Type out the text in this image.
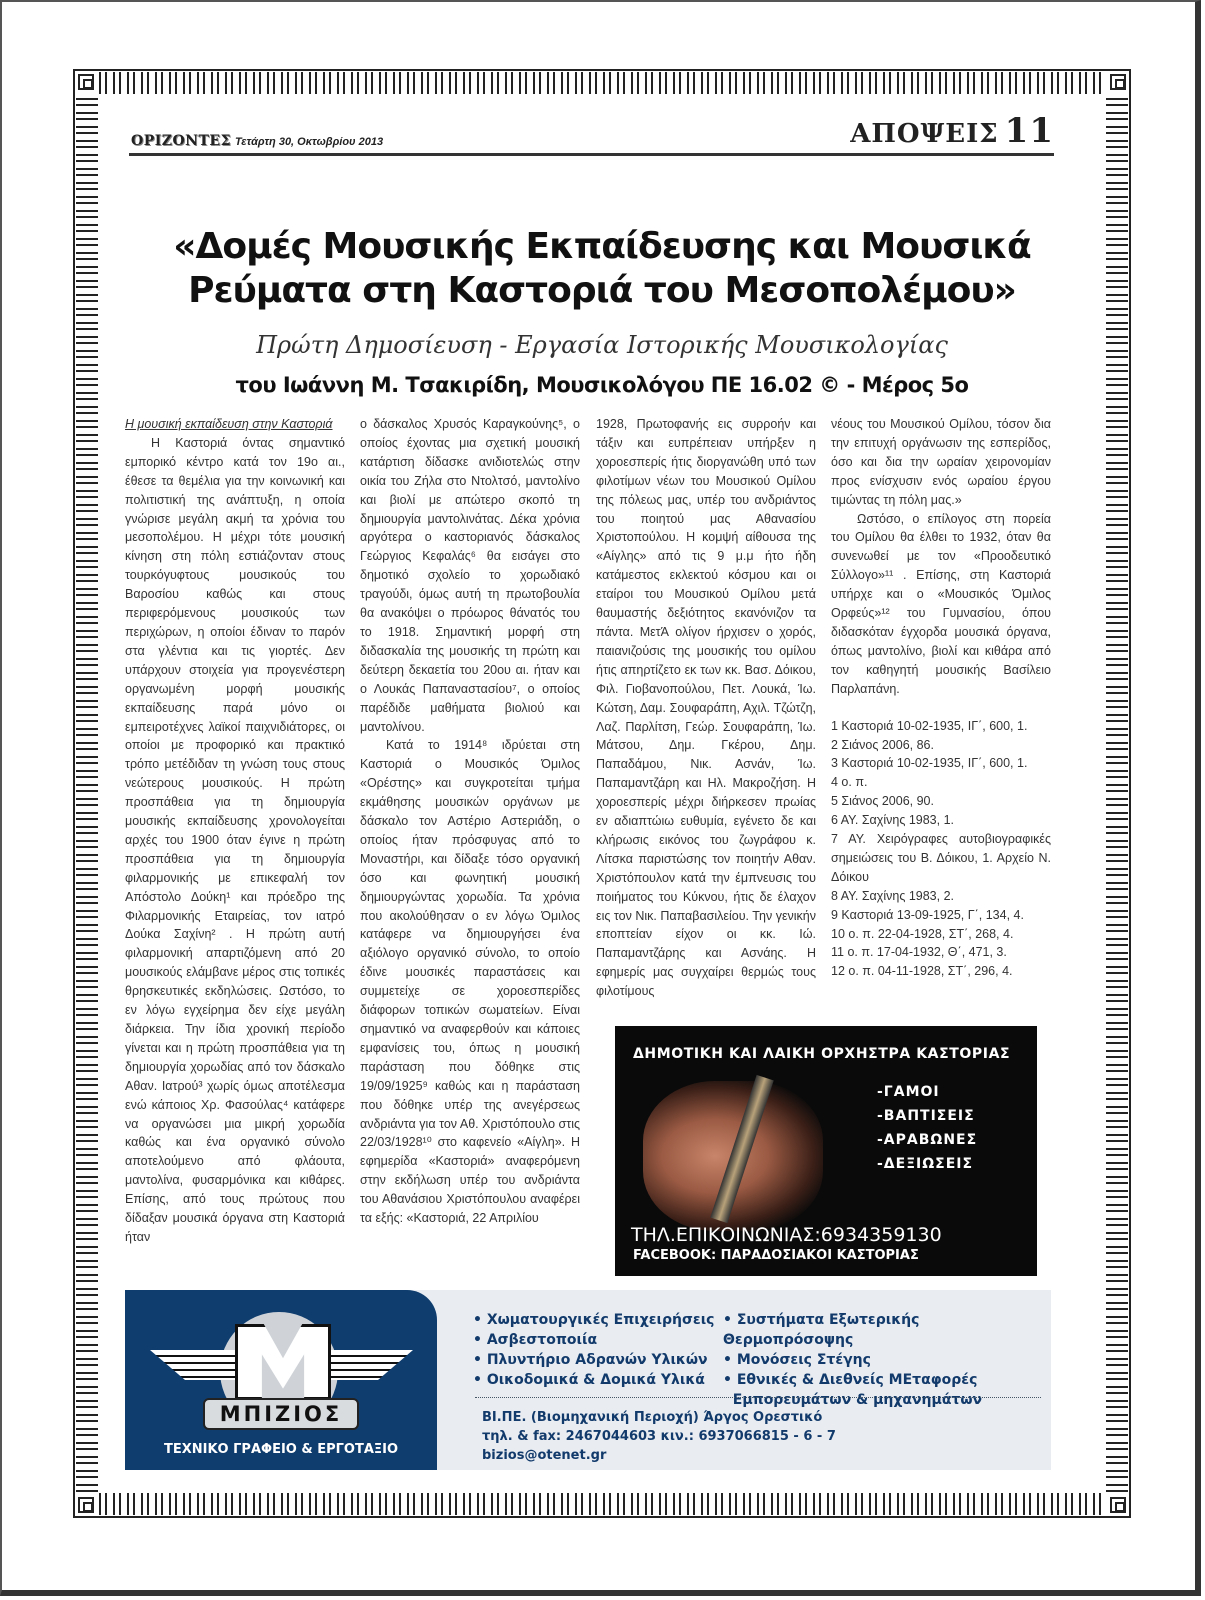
ΟΡΙΖΟΝΤΕΣ Τετάρτη 30, Οκτωβρίου 2013	ΑΠΟΨΕΙΣ 11
«Δομές Μουσικής Εκπαίδευσης και Μουσικά
Ρεύματα στη Καστοριά του Μεσοπολέμου»
Πρώτη Δημοσίευση - Εργασία Ιστορικής Μουσικολογίας
του Ιωάννη Μ. Τσακιρίδη, Μουσικολόγου ΠΕ 16.02 © - Μέρος 5ο

Η μουσική εκπαίδευση στην Καστοριά

Η Καστοριά όντας σημαντικό εμπορικό κέντρο κατά τον 19ο αι., έθεσε τα θεμέλια για την κοινωνική και πολιτιστική της ανάπτυξη, η οποία γνώρισε μεγάλη ακμή τα χρόνια του μεσοπολέμου. Η μέχρι τότε μουσική κίνηση στη πόλη εστιάζονταν στους τουρκόγυφτους μουσικούς του Βαροσίου καθώς και στους περιφερόμενους μουσικούς των περιχώρων, η οποίοι έδιναν το παρόν στα γλέντια και τις γιορτές. Δεν υπάρχουν στοιχεία για προγενέστερη οργανωμένη μορφή μουσικής εκπαίδευσης παρά μόνο οι εμπειροτέχνες λαϊκοί παιχνιδιάτορες, οι οποίοι με προφορικό και πρακτικό τρόπο μετέδιδαν τη γνώση τους στους νεώτερους μουσικούς. Η πρώτη προσπάθεια για τη δημιουργία μουσικής εκπαίδευσης χρονολογείται αρχές του 1900 όταν έγινε η πρώτη προσπάθεια για τη δημιουργία φιλαρμονικής με επικεφαλή τον Απόστολο Δούκη¹ και πρόεδρο της Φιλαρμονικής Εταιρείας, τον ιατρό Δούκα Σαχίνη² . Η πρώτη αυτή φιλαρμονική απαρτιζόμενη από 20 μουσικούς ελάμβανε μέρος στις τοπικές θρησκευτικές εκδηλώσεις. Ωστόσο, το εν λόγω εγχείρημα δεν είχε μεγάλη διάρκεια. Την ίδια χρονική περίοδο γίνεται και η πρώτη προσπάθεια για τη δημιουργία χορωδίας από τον δάσκαλο Αθαν. Ιατρού³ χωρίς όμως αποτέλεσμα ενώ κάποιος Χρ. Φασούλας⁴ κατάφερε να οργανώσει μια μικρή χορωδία καθώς και ένα οργανικό σύνολο αποτελούμενο από φλάουτα, μαντολίνα, φυσαρμόνικα και κιθάρες. Επίσης, από τους πρώτους που δίδαξαν μουσικά όργανα στη Καστοριά ήταν

ο δάσκαλος Χρυσός Καραγκούνης⁵, ο οποίος έχοντας μια σχετική μουσική κατάρτιση δίδασκε ανιδιοτελώς στην οικία του Ζήλα στο Ντολτσό, μαντολίνο και βιολί με απώτερο σκοπό τη δημιουργία μαντολινάτας. Δέκα χρόνια αργότερα ο καστοριανός δάσκαλος Γεώργιος Κεφαλάς⁶ θα εισάγει στο δημοτικό σχολείο το χορωδιακό τραγούδι, όμως αυτή τη πρωτοβουλία θα ανακόψει ο πρόωρος θάνατός του το 1918. Σημαντική μορφή στη διδασκαλία της μουσικής τη πρώτη και δεύτερη δεκαετία του 20ου αι. ήταν και ο Λουκάς Παπαναστασίου⁷, ο οποίος παρέδιδε μαθήματα βιολιού και μαντολίνου.

Κατά το 1914⁸ ιδρύεται στη Καστοριά ο Μουσικός Όμιλος «Ορέστης» και συγκροτείται τμήμα εκμάθησης μουσικών οργάνων με δάσκαλο τον Αστέριο Αστεριάδη, ο οποίος ήταν πρόσφυγας από το Μοναστήρι, και δίδαξε τόσο οργανική όσο και φωνητική μουσική δημιουργώντας χορωδία. Τα χρόνια που ακολούθησαν ο εν λόγω Όμιλος κατάφερε να δημιουργήσει ένα αξιόλογο οργανικό σύνολο, το οποίο έδινε μουσικές παραστάσεις και συμμετείχε σε χοροεσπερίδες διάφορων τοπικών σωματείων. Είναι σημαντικό να αναφερθούν και κάποιες εμφανίσεις του, όπως η μουσική παράσταση που δόθηκε στις 19/09/1925⁹ καθώς και η παράσταση που δόθηκε υπέρ της ανεγέρσεως ανδριάντα για τον Αθ. Χριστόπουλο στις 22/03/1928¹⁰ στο καφενείο «Αίγλη». Η εφημερίδα «Καστοριά» αναφερόμενη στην εκδήλωση υπέρ του ανδριάντα του Αθανάσιου Χριστόπουλου αναφέρει τα εξής: «Καστοριά, 22 Απριλίου

1928, Πρωτοφανής εις συρροήν και τάξιν και ευπρέπειαν υπήρξεν η χοροεσπερίς ήτις διοργανώθη υπό των φιλοτίμων νέων του Μουσικού Ομίλου της πόλεως μας, υπέρ του ανδριάντος του ποιητού μας Αθανασίου Χριστοπούλου. Η κομψή αίθουσα της «Αίγλης» από τις 9 μ.μ ήτο ήδη κατάμεστος εκλεκτού κόσμου και οι εταίροι του Μουσικού Ομίλου μετά θαυμαστής δεξιότητος εκανόνιζον τα πάντα. ΜετΆ ολίγον ήρχισεν ο χορός, παιανιζούσις της μουσικής του ομίλου ήτις απηρτίζετο εκ των κκ. Βασ. Δόικου, Φιλ. Γιοβανοπούλου, Πετ. Λουκά, Ίω. Κώτση, Δαμ. Σουφαράπη, Αχιλ. Τζώτζη, Λαζ. Παρλίτση, Γεώρ. Σουφαράπη, Ίω. Μάτσου, Δημ. Γκέρου, Δημ. Παπαδάμου, Νικ. Ασνάν, Ίω. Παπαμαντζάρη και Ηλ. Μακροζήση. Η χοροεσπερίς μέχρι διήρκεσεν πρωίας εν αδιαπτώιω ευθυμία, εγένετο δε και κλήρωσις εικόνος του ζωγράφου κ. Λίτσκα παριστώσης τον ποιητήν Αθαν. Χριστόπουλον κατά την έμπνευσις του ποιήματος του Κύκνου, ήτις δε έλαχον εις τον Νικ. Παπαβασιλείου. Την γενικήν εποπτείαν είχον οι κκ. Ιώ. Παπαμαντζάρης και Ασνάης. Η εφημερίς μας συγχαίρει θερμώς τους φιλοτίμους

νέους του Μουσικού Ομίλου, τόσον δια την επιτυχή οργάνωσιν της εσπερίδος, όσο και δια την ωραίαν χειρονομίαν προς ενίσχυσιν ενός ωραίου έργου τιμώντας τη πόλη μας.»

Ωστόσο, ο επίλογος στη πορεία του Ομίλου θα έλθει το 1932, όταν θα συνενωθεί με τον «Προοδευτικό Σύλλογο»¹¹ . Επίσης, στη Καστοριά υπήρχε και ο «Μουσικός Όμιλος Ορφεύς»¹² του Γυμνασίου, όπου διδασκόταν έγχορδα μουσικά όργανα, όπως μαντολίνο, βιολί και κιθάρα από τον καθηγητή μουσικής Βασίλειο Παρλαπάνη.

1 Καστοριά 10-02-1935, ΙΓ΄, 600, 1.
2 Σιάνος 2006, 86.
3 Καστοριά 10-02-1935, ΙΓ΄, 600, 1.
4 ο. π.
5 Σιάνος 2006, 90.
6 ΑΥ. Σαχίνης 1983, 1.
7 ΑΥ. Χειρόγραφες αυτοβιογραφικές σημειώσεις του Β. Δόικου, 1. Αρχείο Ν. Δόικου
8 ΑΥ. Σαχίνης 1983, 2.
9 Καστοριά 13-09-1925, Γ΄, 134, 4.
10 ο. π. 22-04-1928, ΣΤ΄, 268, 4.
11 ο. π. 17-04-1932, Θ΄, 471, 3.
12 ο. π. 04-11-1928, ΣΤ΄, 296, 4.
ΔΗΜΟΤΙΚΗ ΚΑΙ ΛΑΙΚΗ ΟΡΧΗΣΤΡΑ ΚΑΣΤΟΡΙΑΣ
-ΓΑΜΟΙ
-ΒΑΠΤΙΣΕΙΣ
-ΑΡΑΒΩΝΕΣ
-ΔΕΞΙΩΣΕΙΣ
ΤΗΛ.ΕΠΙΚΟΙΝΩΝΙΑΣ:6934359130
FACEBOOK: ΠΑΡΑΔΟΣΙΑΚΟΙ ΚΑΣΤΟΡΙΑΣ
ΜΠΙΖΙΟΣ
ΤΕΧΝΙΚΟ ΓΡΑΦΕΙΟ & ΕΡΓΟΤΑΞΙΟ
• Χωματουργικές Επιχειρήσεις
• Ασβεστοποιία
• Πλυντήριο Αδρανών Υλικών
• Οικοδομικά & Δομικά Υλικά
• Συστήματα Εξωτερικής Θερμοπρόσοψης
• Μονόσεις Στέγης
• Εθνικές & Διεθνείς ΜΕταφορές
Εμπορευμάτων & μηχανημάτων
ΒΙ.ΠΕ. (Βιομηχανική Περιοχή) Άργος Ορεστικό
τηλ. & fax: 2467044603 κιν.: 6937066815 - 6 - 7
bizios@otenet.gr
